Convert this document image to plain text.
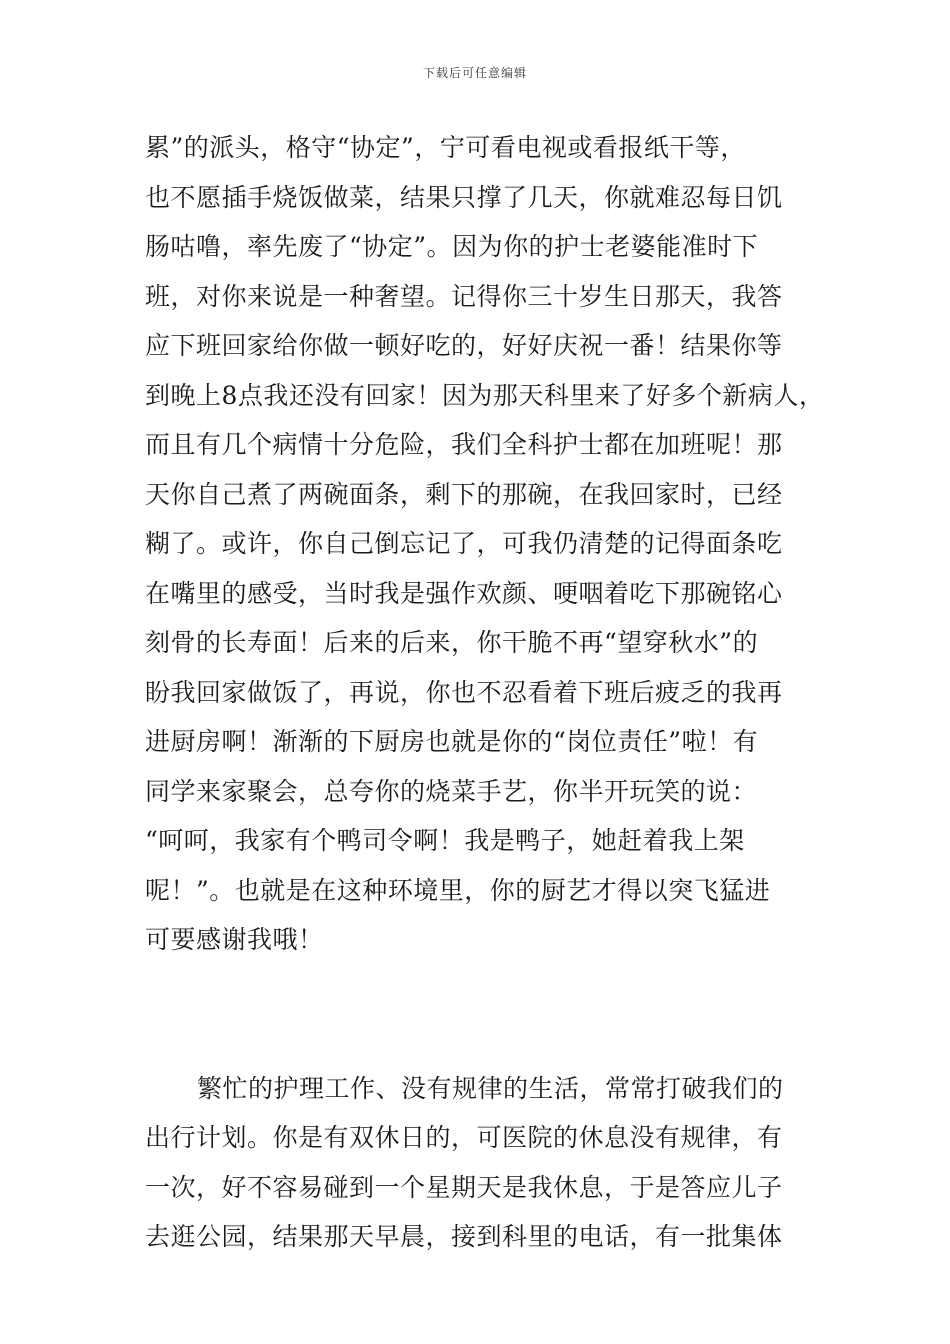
下载后可任意编辑
累”的派头，格守“协定”，宁可看电视或看报纸干等，
也不愿插手烧饭做菜，结果只撑了几天，你就难忍每日饥
肠咕噜，率先废了“协定”。因为你的护士老婆能准时下
班，对你来说是一种奢望。记得你三十岁生日那天，我答
应下班回家给你做一顿好吃的，好好庆祝一番！结果你等
到晚上8点我还没有回家！因为那天科里来了好多个新病人，
而且有几个病情十分危险，我们全科护士都在加班呢！那
天你自己煮了两碗面条，剩下的那碗，在我回家时，已经
糊了。或许，你自己倒忘记了，可我仍清楚的记得面条吃
在嘴里的感受，当时我是强作欢颜、哽咽着吃下那碗铭心
刻骨的长寿面！后来的后来，你干脆不再“望穿秋水”的
盼我回家做饭了，再说，你也不忍看着下班后疲乏的我再
进厨房啊！渐渐的下厨房也就是你的“岗位责任”啦！有
同学来家聚会，总夸你的烧菜手艺，你半开玩笑的说：
“呵呵，我家有个鸭司令啊！我是鸭子，她赶着我上架
呢！”。也就是在这种环境里，你的厨艺才得以突飞猛进
可要感谢我哦！
繁忙的护理工作、没有规律的生活，常常打破我们的
出行计划。你是有双休日的，可医院的休息没有规律，有
一次，好不容易碰到一个星期天是我休息，于是答应儿子
去逛公园，结果那天早晨，接到科里的电话，有一批集体
